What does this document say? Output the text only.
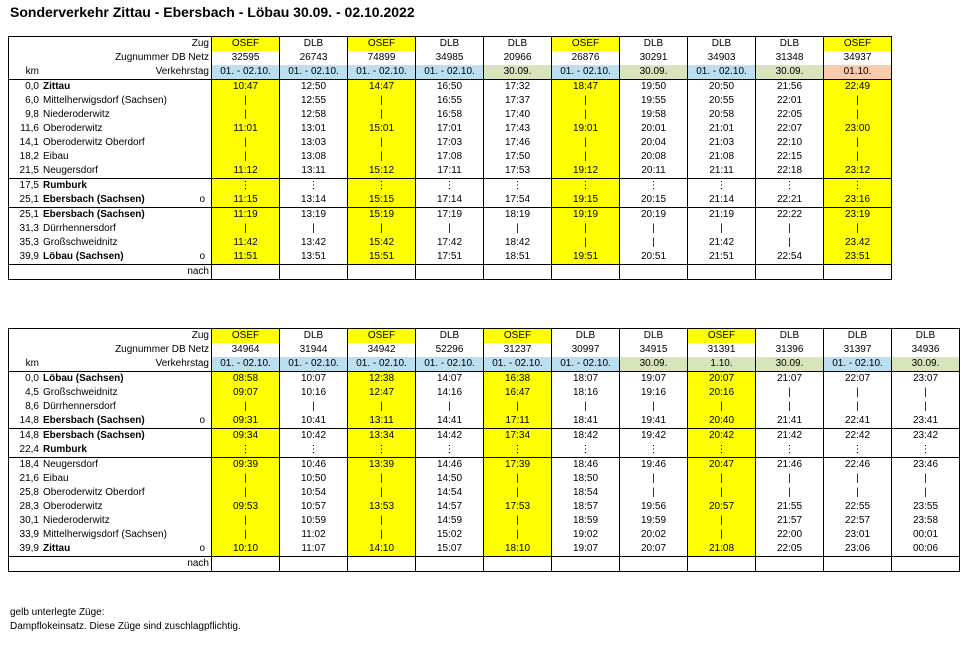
Sonderverkehr Zittau - Ebersbach - Löbau 30.09. - 02.10.2022
	Zug	OSEF	DLB	OSEF	DLB	DLB	OSEF	DLB	DLB	DLB	OSEF
	Zugnummer DB Netz	32595	26743	74899	34985	20966	26876	30291	34903	31348	34937
km	Verkehrstag	01. - 02.10.	01. - 02.10.	01. - 02.10.	01. - 02.10.	30.09.	01. - 02.10.	30.09.	01. - 02.10.	30.09.	01.10.
0,0	Zittau	10:47	12:50	14:47	16:50	17:32	18:47	19:50	20:50	21:56	22:49
6,0	Mittelherwigsdorf (Sachsen)	|	12:55	|	16:55	17:37	|	19:55	20:55	22:01	|
9,8	Niederoderwitz	|	12:58	|	16:58	17:40	|	19:58	20:58	22:05	|
11,6	Oberoderwitz	11:01	13:01	15:01	17:01	17:43	19:01	20:01	21:01	22:07	23:00
14,1	Oberoderwitz Oberdorf	|	13:03	|	17:03	17:46	|	20:04	21:03	22:10	|
18,2	Eibau	|	13:08	|	17:08	17:50	|	20:08	21:08	22:15	|
21,5	Neugersdorf	11:12	13:11	15:12	17:11	17:53	19:12	20:11	21:11	22:18	23:12
17,5	Rumburk	⋮	⋮	⋮	⋮	⋮	⋮	⋮	⋮	⋮	⋮
25,1	Ebersbach (Sachsen) o	11:15	13:14	15:15	17:14	17:54	19:15	20:15	21:14	22:21	23:16
25,1	Ebersbach (Sachsen)	11:19	13:19	15:19	17:19	18:19	19:19	20:19	21:19	22:22	23:19
31,3	Dürrhennersdorf	|	|	|	|	|	|	|	|	|	|
35,3	Großschweidnitz	11:42	13:42	15:42	17:42	18:42	|	|	21:42	|	23.42
39,9	Löbau (Sachsen) o	11:51	13:51	15:51	17:51	18:51	19:51	20:51	21:51	22:54	23:51
	nach										
	Zug	OSEF	DLB	OSEF	DLB	OSEF	DLB	DLB	OSEF	DLB	DLB	DLB
	Zugnummer DB Netz	34964	31944	34942	52296	31237	30997	34915	31391	31396	31397	34936
km	Verkehrstag	01. - 02.10.	01. - 02.10.	01. - 02.10.	01. - 02.10.	01. - 02.10.	01. - 02.10.	30.09.	1.10.	30.09.	01. - 02.10.	30.09.
0,0	Löbau (Sachsen)	08:58	10:07	12:38	14:07	16:38	18:07	19:07	20:07	21:07	22:07	23:07
4,5	Großschweidnitz	09:07	10:16	12:47	14:16	16:47	18:16	19:16	20:16	|	|	|
8,6	Dürrhennersdorf	|	|	|	|	|	|	|	|	|	|	|
14,8	Ebersbach (Sachsen) o	09:31	10:41	13:11	14:41	17:11	18:41	19:41	20:40	21:41	22:41	23:41
14,8	Ebersbach (Sachsen)	09:34	10:42	13:34	14:42	17:34	18:42	19:42	20:42	21:42	22:42	23:42
22,4	Rumburk	⋮	⋮	⋮	⋮	⋮	⋮	⋮	⋮	⋮	⋮	⋮
18,4	Neugersdorf	09:39	10:46	13:39	14:46	17:39	18:46	19:46	20:47	21:46	22:46	23:46
21,6	Eibau	|	10:50	|	14:50	|	18:50	|	|	|	|	|
25,8	Oberoderwitz Oberdorf	|	10:54	|	14:54	|	18:54	|	|	|	|	|
28,3	Oberoderwitz	09:53	10:57	13:53	14:57	17:53	18:57	19:56	20:57	21:55	22:55	23:55
30,1	Niederoderwitz	|	10:59	|	14:59	|	18:59	19:59	|	21:57	22:57	23:58
33,9	Mittelherwigsdorf (Sachsen)	|	11:02	|	15:02	|	19:02	20:02	|	22:00	23:01	00:01
39,9	Zittau o	10:10	11:07	14:10	15:07	18:10	19:07	20:07	21:08	22:05	23:06	00:06
	nach											
gelb unterlegte Züge:
Dampflokeinsatz. Diese Züge sind zuschlagpflichtig.
